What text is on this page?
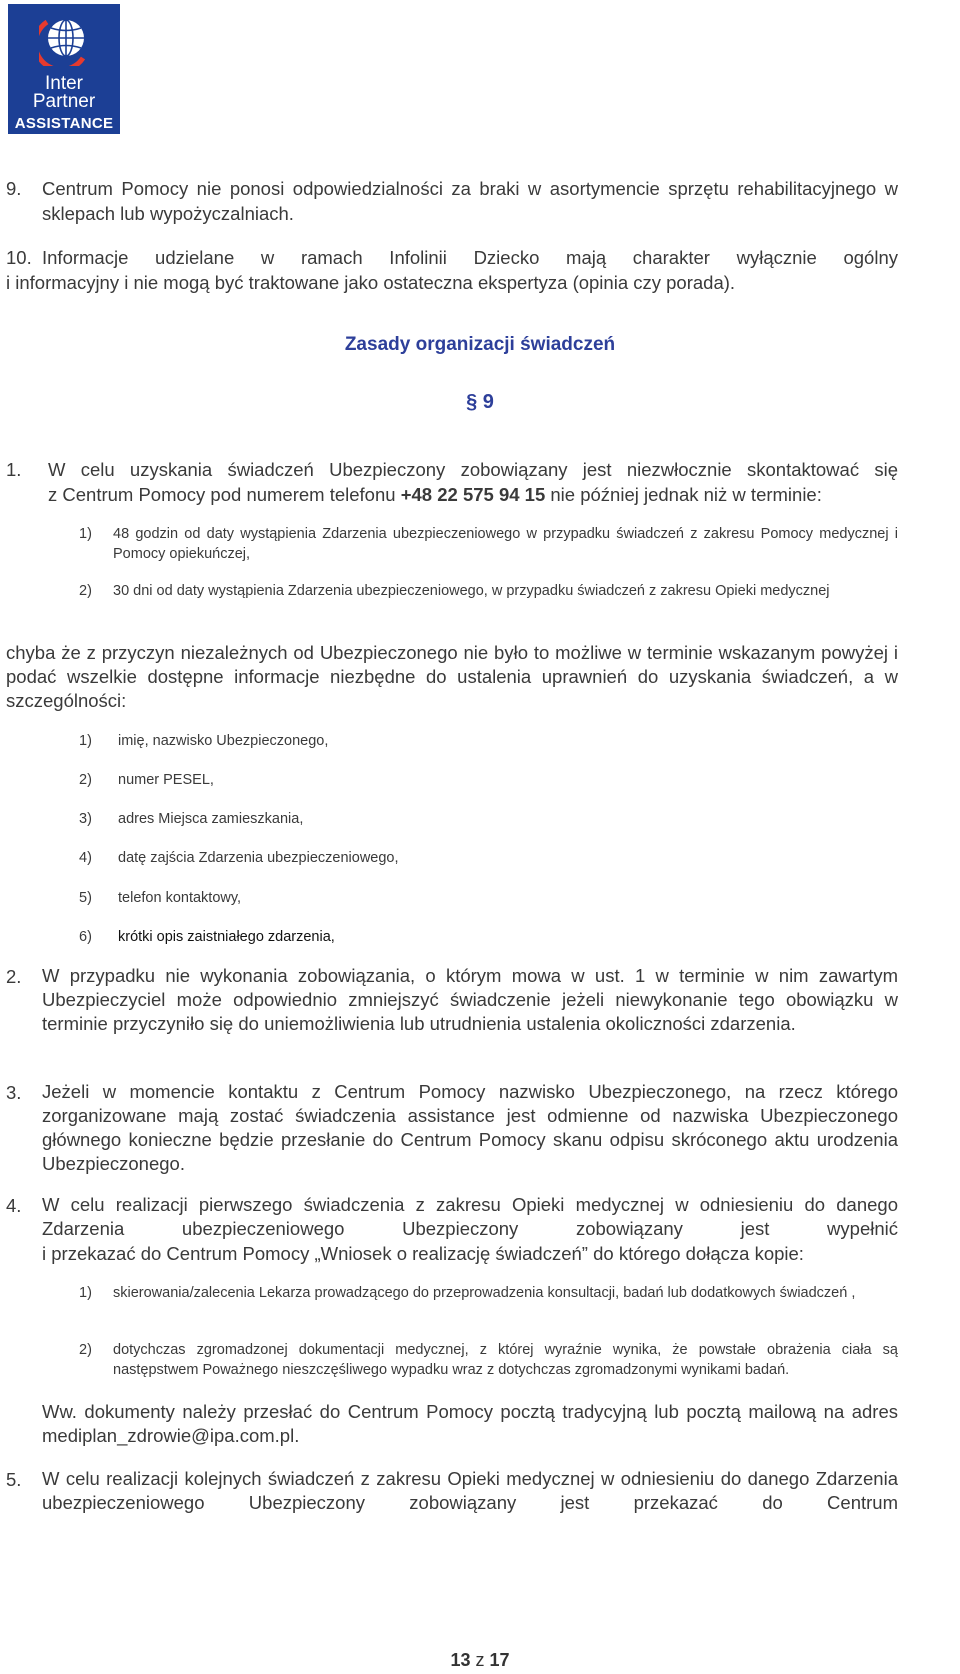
Inter
Partner
ASSISTANCE
9. Centrum Pomocy nie ponosi odpowiedzialności za braki w asortymencie sprzętu rehabilitacyjnego w sklepach lub wypożyczalniach.
10. Informacje udzielane w ramach Infolinii Dziecko mają charakter wyłącznie ogólny
i informacyjny i nie mogą być traktowane jako ostateczna ekspertyza (opinia czy porada).
Zasady organizacji świadczeń
§ 9
1. W celu uzyskania świadczeń Ubezpieczony zobowiązany jest niezwłocznie skontaktować się
z Centrum Pomocy pod numerem telefonu +48 22 575 94 15 nie później jednak niż w terminie:
1) 48 godzin od daty wystąpienia Zdarzenia ubezpieczeniowego w przypadku świadczeń z zakresu Pomocy medycznej i Pomocy opiekuńczej,
2) 30 dni od daty wystąpienia Zdarzenia ubezpieczeniowego, w przypadku świadczeń z zakresu Opieki medycznej
chyba że z przyczyn niezależnych od Ubezpieczonego nie było to możliwe w terminie wskazanym powyżej i podać wszelkie dostępne informacje niezbędne do ustalenia uprawnień do uzyskania świadczeń, a w szczególności:
1) imię, nazwisko Ubezpieczonego,
2) numer PESEL,
3) adres Miejsca zamieszkania,
4) datę zajścia Zdarzenia ubezpieczeniowego,
5) telefon kontaktowy,
6) krótki opis zaistniałego zdarzenia,
2. W przypadku nie wykonania zobowiązania, o którym mowa w ust. 1 w terminie w nim zawartym Ubezpieczyciel może odpowiednio zmniejszyć świadczenie jeżeli niewykonanie tego obowiązku w terminie przyczyniło się do uniemożliwienia lub utrudnienia ustalenia okoliczności zdarzenia.
3. Jeżeli w momencie kontaktu z Centrum Pomocy nazwisko Ubezpieczonego, na rzecz którego zorganizowane mają zostać świadczenia assistance jest odmienne od nazwiska Ubezpieczonego głównego konieczne będzie przesłanie do Centrum Pomocy skanu odpisu skróconego aktu urodzenia Ubezpieczonego.
4. W celu realizacji pierwszego świadczenia z zakresu Opieki medycznej w odniesieniu do danego Zdarzenia ubezpieczeniowego Ubezpieczony zobowiązany jest wypełnić
i przekazać do Centrum Pomocy „Wniosek o realizację świadczeń” do którego dołącza kopie:
1) skierowania/zalecenia Lekarza prowadzącego do przeprowadzenia konsultacji, badań lub dodatkowych świadczeń ,
2) dotychczas zgromadzonej dokumentacji medycznej, z której wyraźnie wynika, że powstałe obrażenia ciała są następstwem Poważnego nieszczęśliwego wypadku wraz z dotychczas zgromadzonymi wynikami badań.
Ww. dokumenty należy przesłać do Centrum Pomocy pocztą tradycyjną lub pocztą mailową na adres mediplan_zdrowie@ipa.com.pl.
5. W celu realizacji kolejnych świadczeń z zakresu Opieki medycznej w odniesieniu do danego Zdarzenia ubezpieczeniowego Ubezpieczony zobowiązany jest przekazać do Centrum
13 z 17
